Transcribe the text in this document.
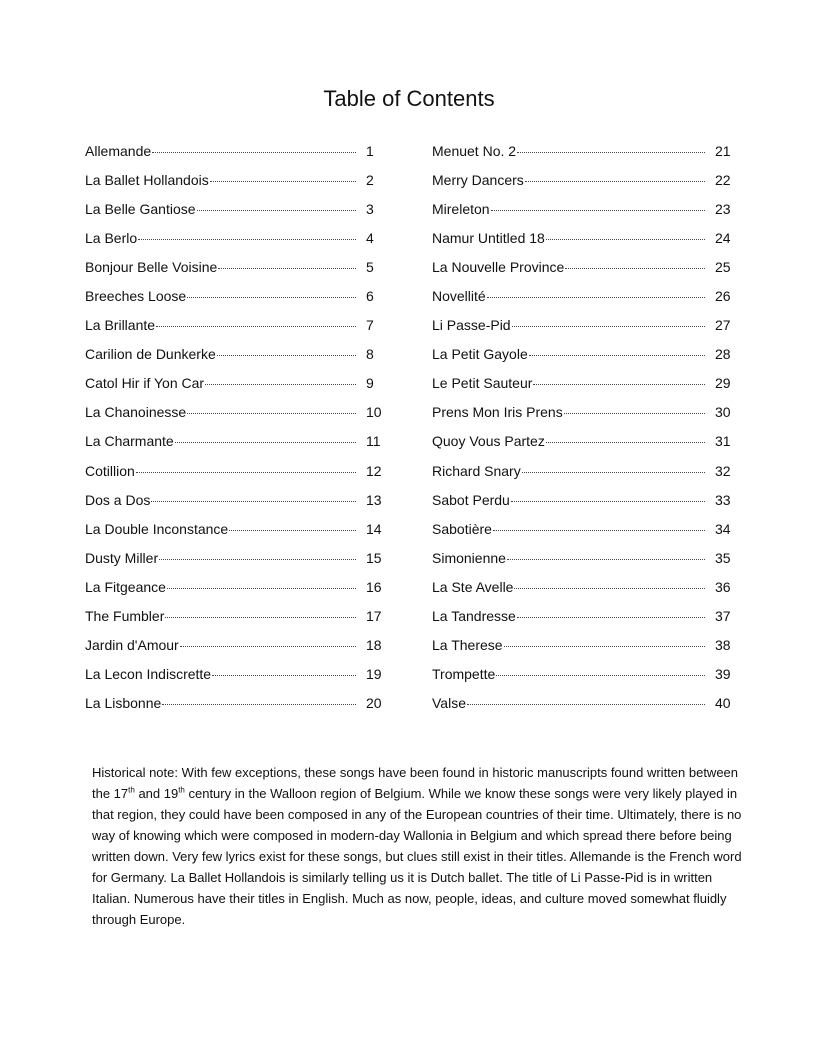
Table of Contents
Allemande	1
La Ballet Hollandois	2
La Belle Gantiose	3
La Berlo	4
Bonjour Belle Voisine	5
Breeches Loose	6
La Brillante	7
Carilion de Dunkerke	8
Catol Hir if Yon Car	9
La Chanoinesse	10
La Charmante	11
Cotillion	12
Dos a Dos	13
La Double Inconstance	14
Dusty Miller	15
La Fitgeance	16
The Fumbler	17
Jardin d'Amour	18
La Lecon Indiscrette	19
La Lisbonne	20
Menuet No. 2	21
Merry Dancers	22
Mireleton	23
Namur Untitled 18	24
La Nouvelle Province	25
Novellité	26
Li Passe-Pid	27
La Petit Gayole	28
Le Petit Sauteur	29
Prens Mon Iris Prens	30
Quoy Vous Partez	31
Richard Snary	32
Sabot Perdu	33
Sabotière	34
Simonienne	35
La Ste Avelle	36
La Tandresse	37
La Therese	38
Trompette	39
Valse	40

Historical note: With few exceptions, these songs have been found in historic manuscripts found written between the 17th and 19th century in the Walloon region of Belgium. While we know these songs were very likely played in that region, they could have been composed in any of the European countries of their time. Ultimately, there is no way of knowing which were composed in modern-day Wallonia in Belgium and which spread there before being written down. Very few lyrics exist for these songs, but clues still exist in their titles. Allemande is the French word for Germany. La Ballet Hollandois is similarly telling us it is Dutch ballet. The title of Li Passe-Pid is in written Italian. Numerous have their titles in English. Much as now, people, ideas, and culture moved somewhat fluidly through Europe.
